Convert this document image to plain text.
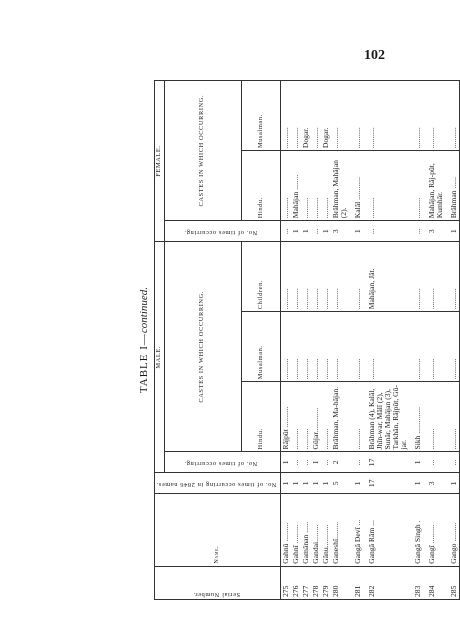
102
TABLE I—continued.
Serial Number.	Name.	No. of times occurring in 2846 names.	MALE.				FEMALE.		
			No. of times occurring.	CASTES IN WHICH OCCURRING.			No. of times occurring.	CASTES IN WHICH OCCURRING.	
				Hindu.	Musalman.	Children.		Hindu.	Musalman.
275	Gahnû ..........	1	1	Râjpût ...........	...........	...........	...	...........	...........
276	Gahnî ..........	1	...	...........	...........	...........	1	Mahâjan ........	...........
277	Gamânan ......	1	...	...........	...........	...........	1	...........	Dogar.
278	Gandai.........	1	1	Gûjar.............	...........	...........	...	...........	...........
279	Gânu............	1	...	...........	...........	...........	1	...........	Dogar.
280	Ganeshî.........	5	2	Brâhman, Ma-hâjan.	...........	...........	3	Brâhman, Mahâjan (2).	...........

281	Gangâ Devî ...	1	...	...........	...........	...........	1	Kalâl ............	...........

282	Gangâ Râm ...	17	17	Brâhman (4), Kalâl, Jhîn-war, Mâlî (2), Sunâr, Mahâjan (3), Tarkhân, Râjpût, Gû-jar.	...........	Mahâjan, Jât.	...	...........	...........

283	Gangâ Singh .	1	1	Sikh ..............	...........	...........	...	...........	...........

284	Gangî ..........	3	...	...........	...........	...........	3	Mahâjan, Râj-pût, Kumhâr.	...........

285	Gango ..........	1	...	...........	...........	...........	1	Brâhman ......	...........
